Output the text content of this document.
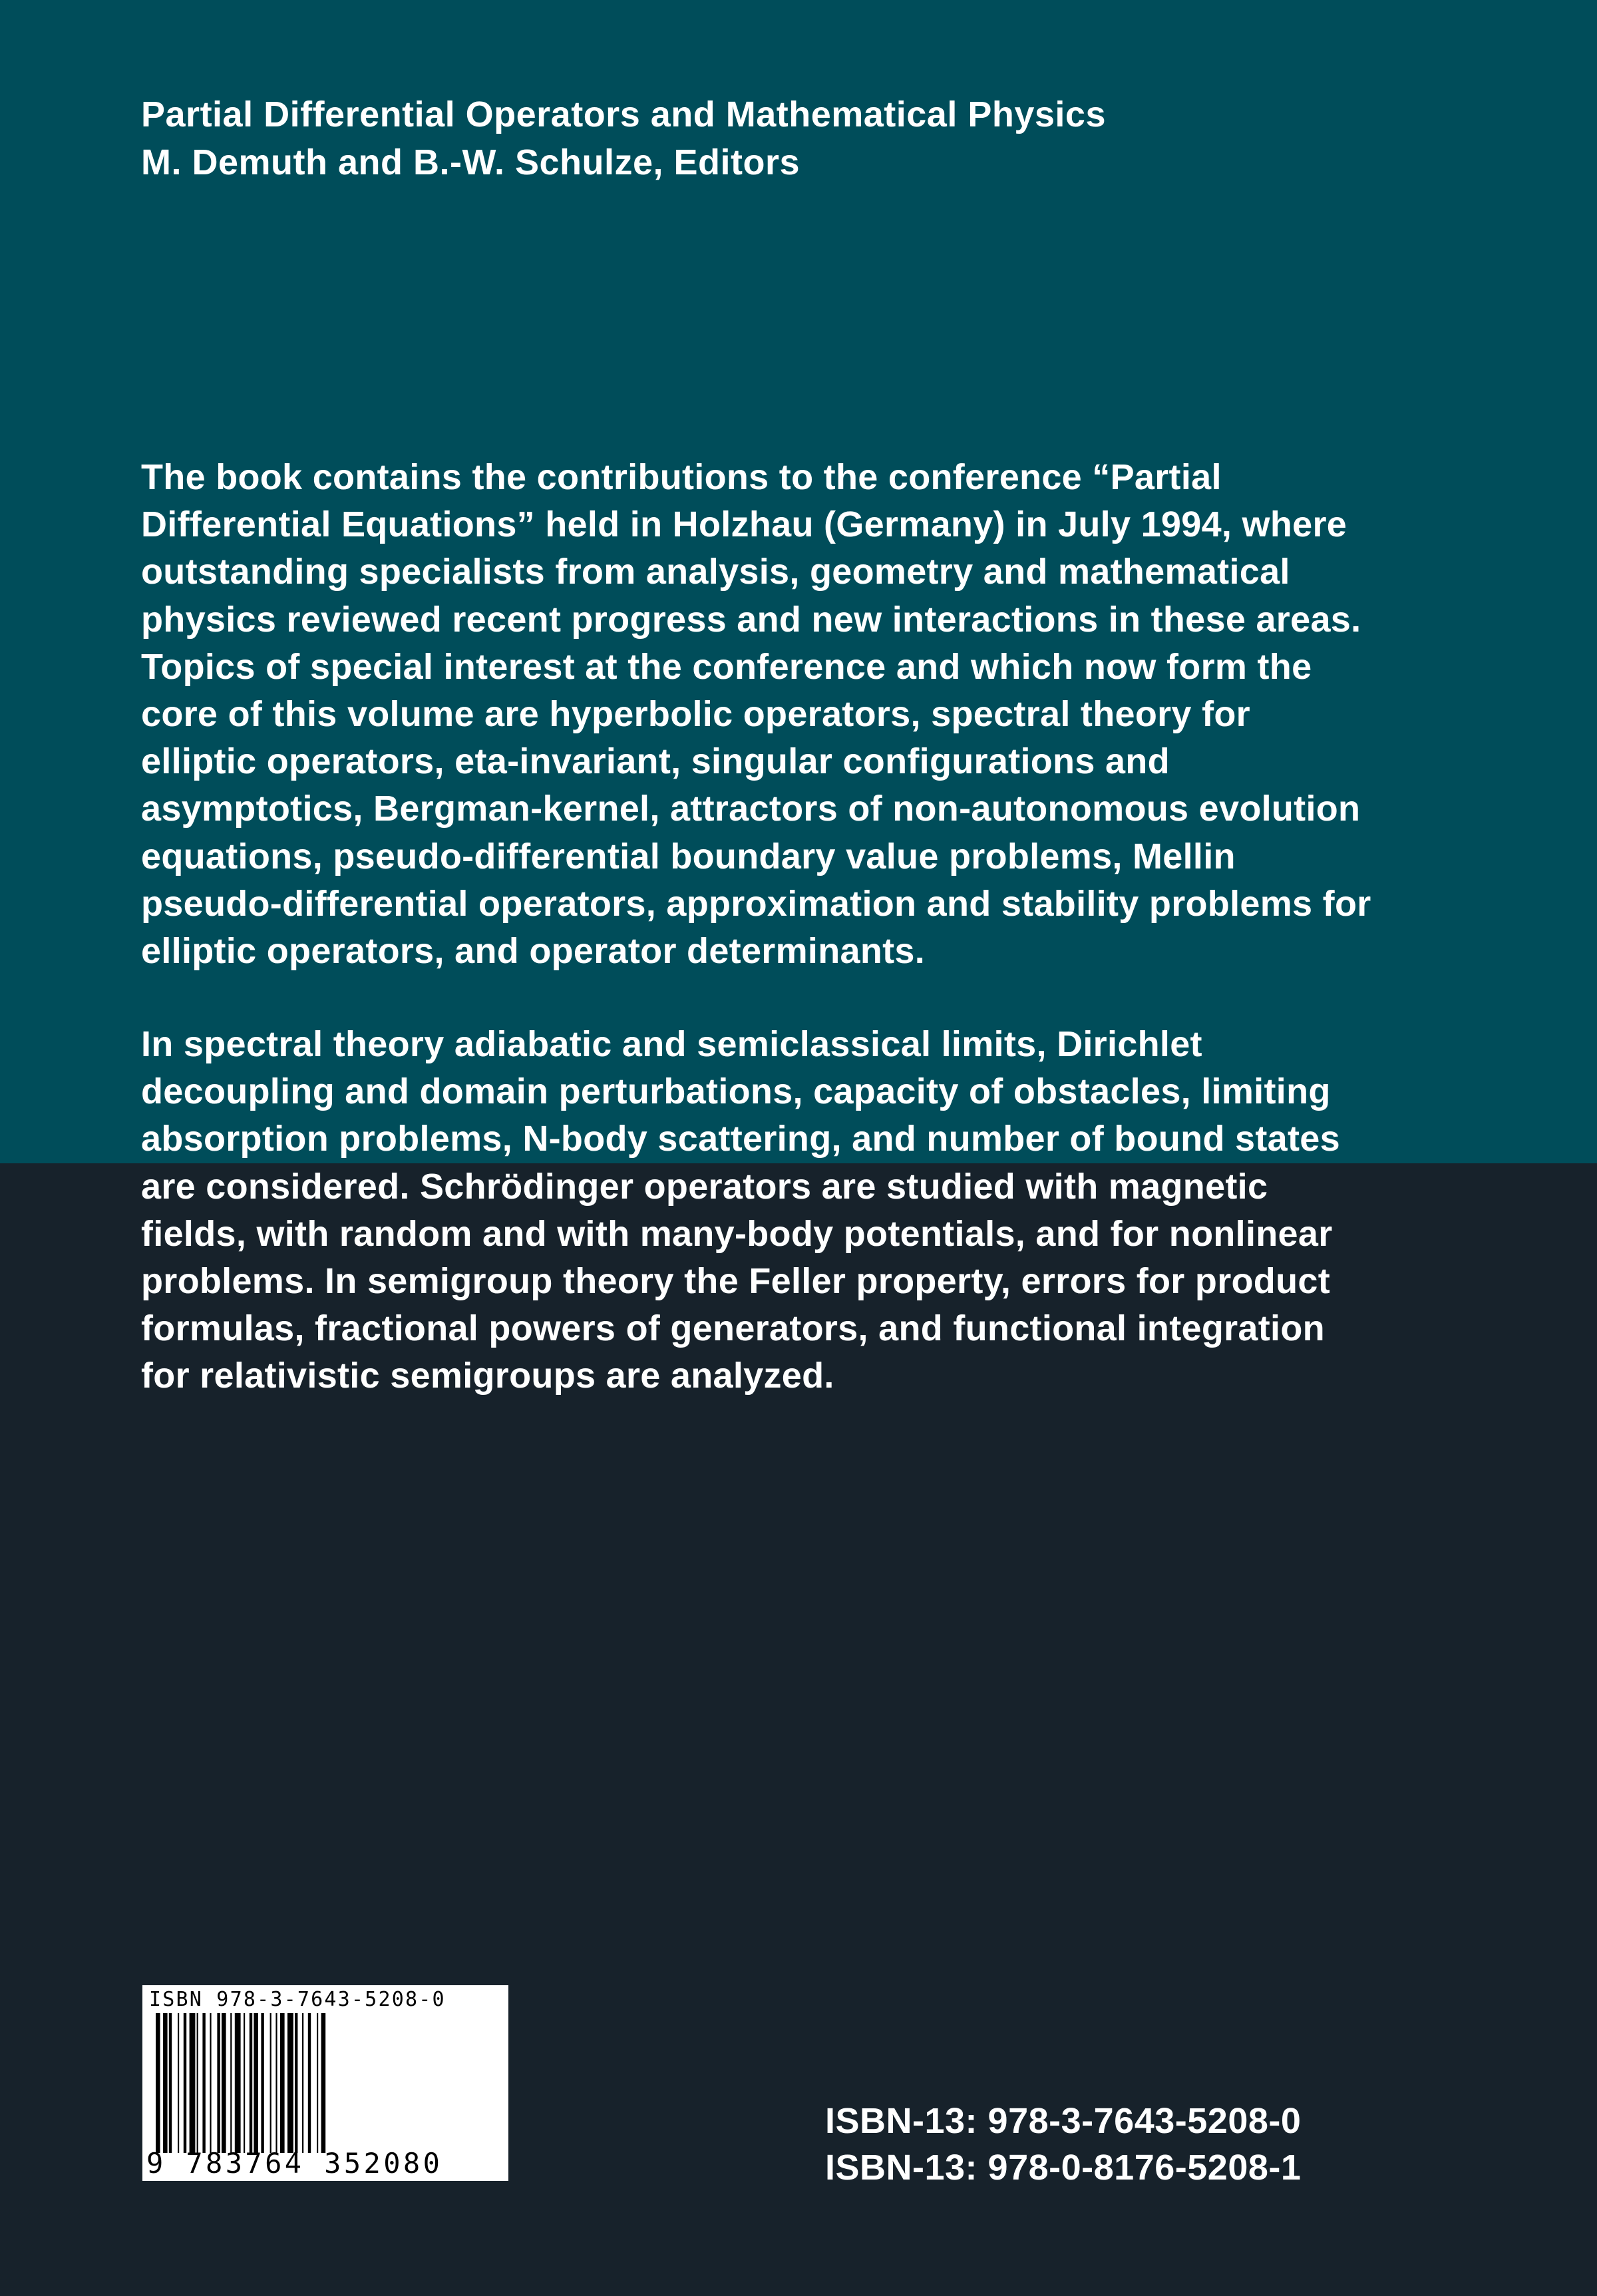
Partial Differential Operators and Mathematical Physics
M. Demuth and B.-W. Schulze, Editors
The book contains the contributions to the conference “Partial
Differential Equations” held in Holzhau (Germany) in July 1994, where
outstanding specialists from analysis, geometry and mathematical
physics reviewed recent progress and new interactions in these areas.
Topics of special interest at the conference and which now form the
core of this volume are hyperbolic operators, spectral theory for
elliptic operators, eta-invariant, singular configurations and
asymptotics, Bergman-kernel, attractors of non-autonomous evolution
equations, pseudo-differential boundary value problems, Mellin
pseudo-differential operators, approximation and stability problems for
elliptic operators, and operator determinants.
In spectral theory adiabatic and semiclassical limits, Dirichlet
decoupling and domain perturbations, capacity of obstacles, limiting
absorption problems, N-body scattering, and number of bound states
are considered. Schrödinger operators are studied with magnetic
fields, with random and with many-body potentials, and for nonlinear
problems. In semigroup theory the Feller property, errors for product
formulas, fractional powers of generators, and functional integration
for relativistic semigroups are analyzed.
ISBN 978-3-7643-5208-0
9 783764 352080
ISBN-13: 978-3-7643-5208-0
ISBN-13: 978-0-8176-5208-1
